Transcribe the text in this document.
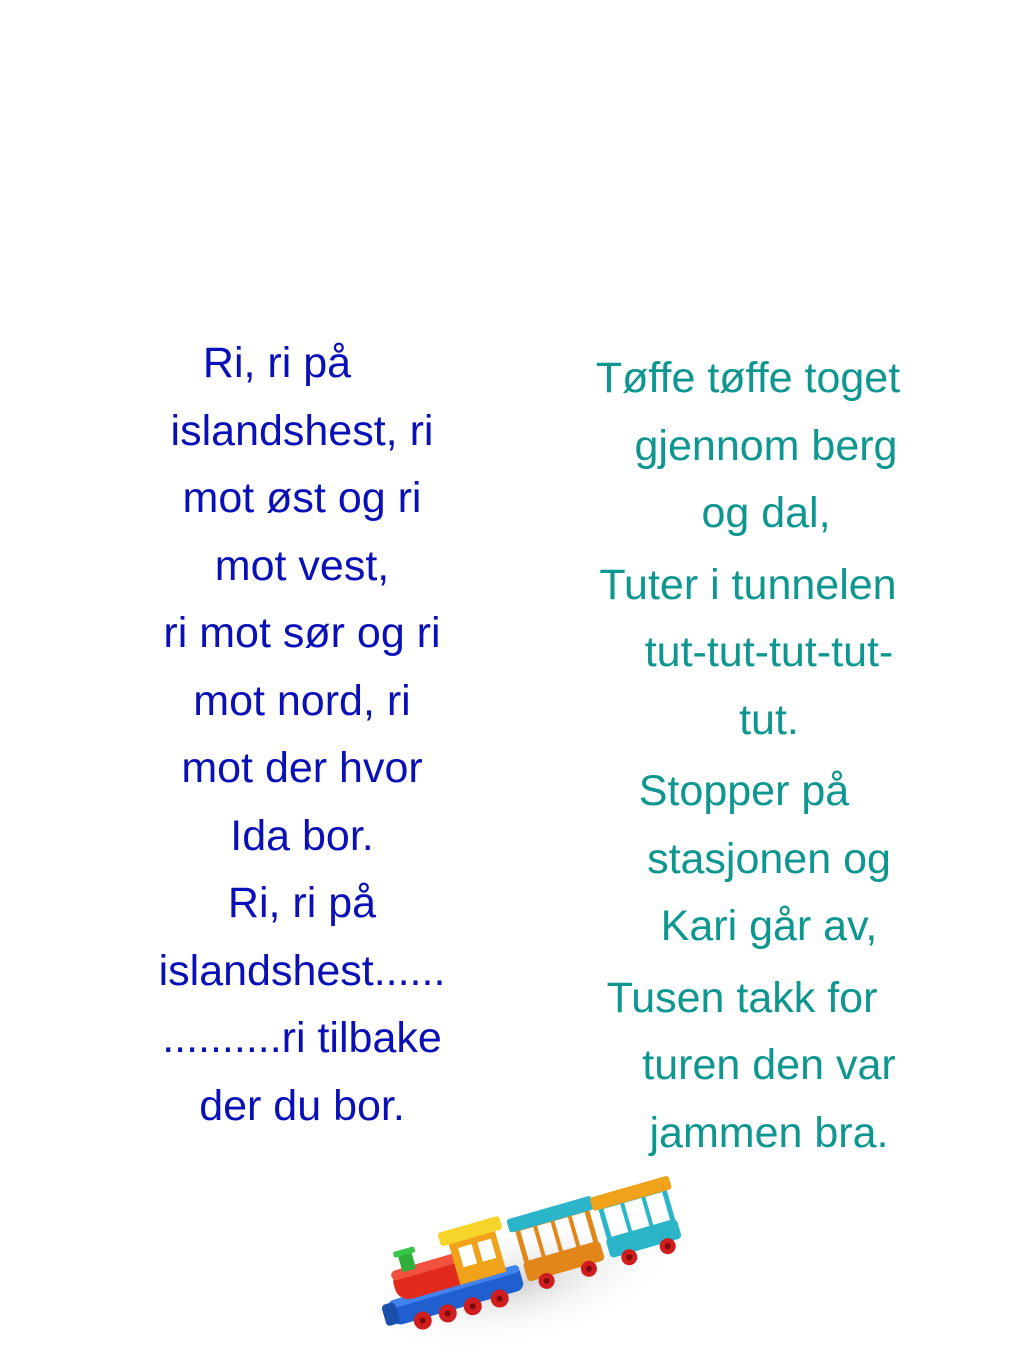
Ri, ri på
islandshest, ri
mot øst og ri
mot vest,
ri mot sør og ri
mot nord, ri
mot der hvor
Ida bor.
Ri, ri på
islandshest......
..........ri tilbake
der du bor.
Tøffe tøffe toget
gjennom berg
og dal,
Tuter i tunnelen
tut-tut-tut-tut-
tut.
Stopper på
stasjonen og
Kari går av,
Tusen takk for
turen den var
jammen bra.
